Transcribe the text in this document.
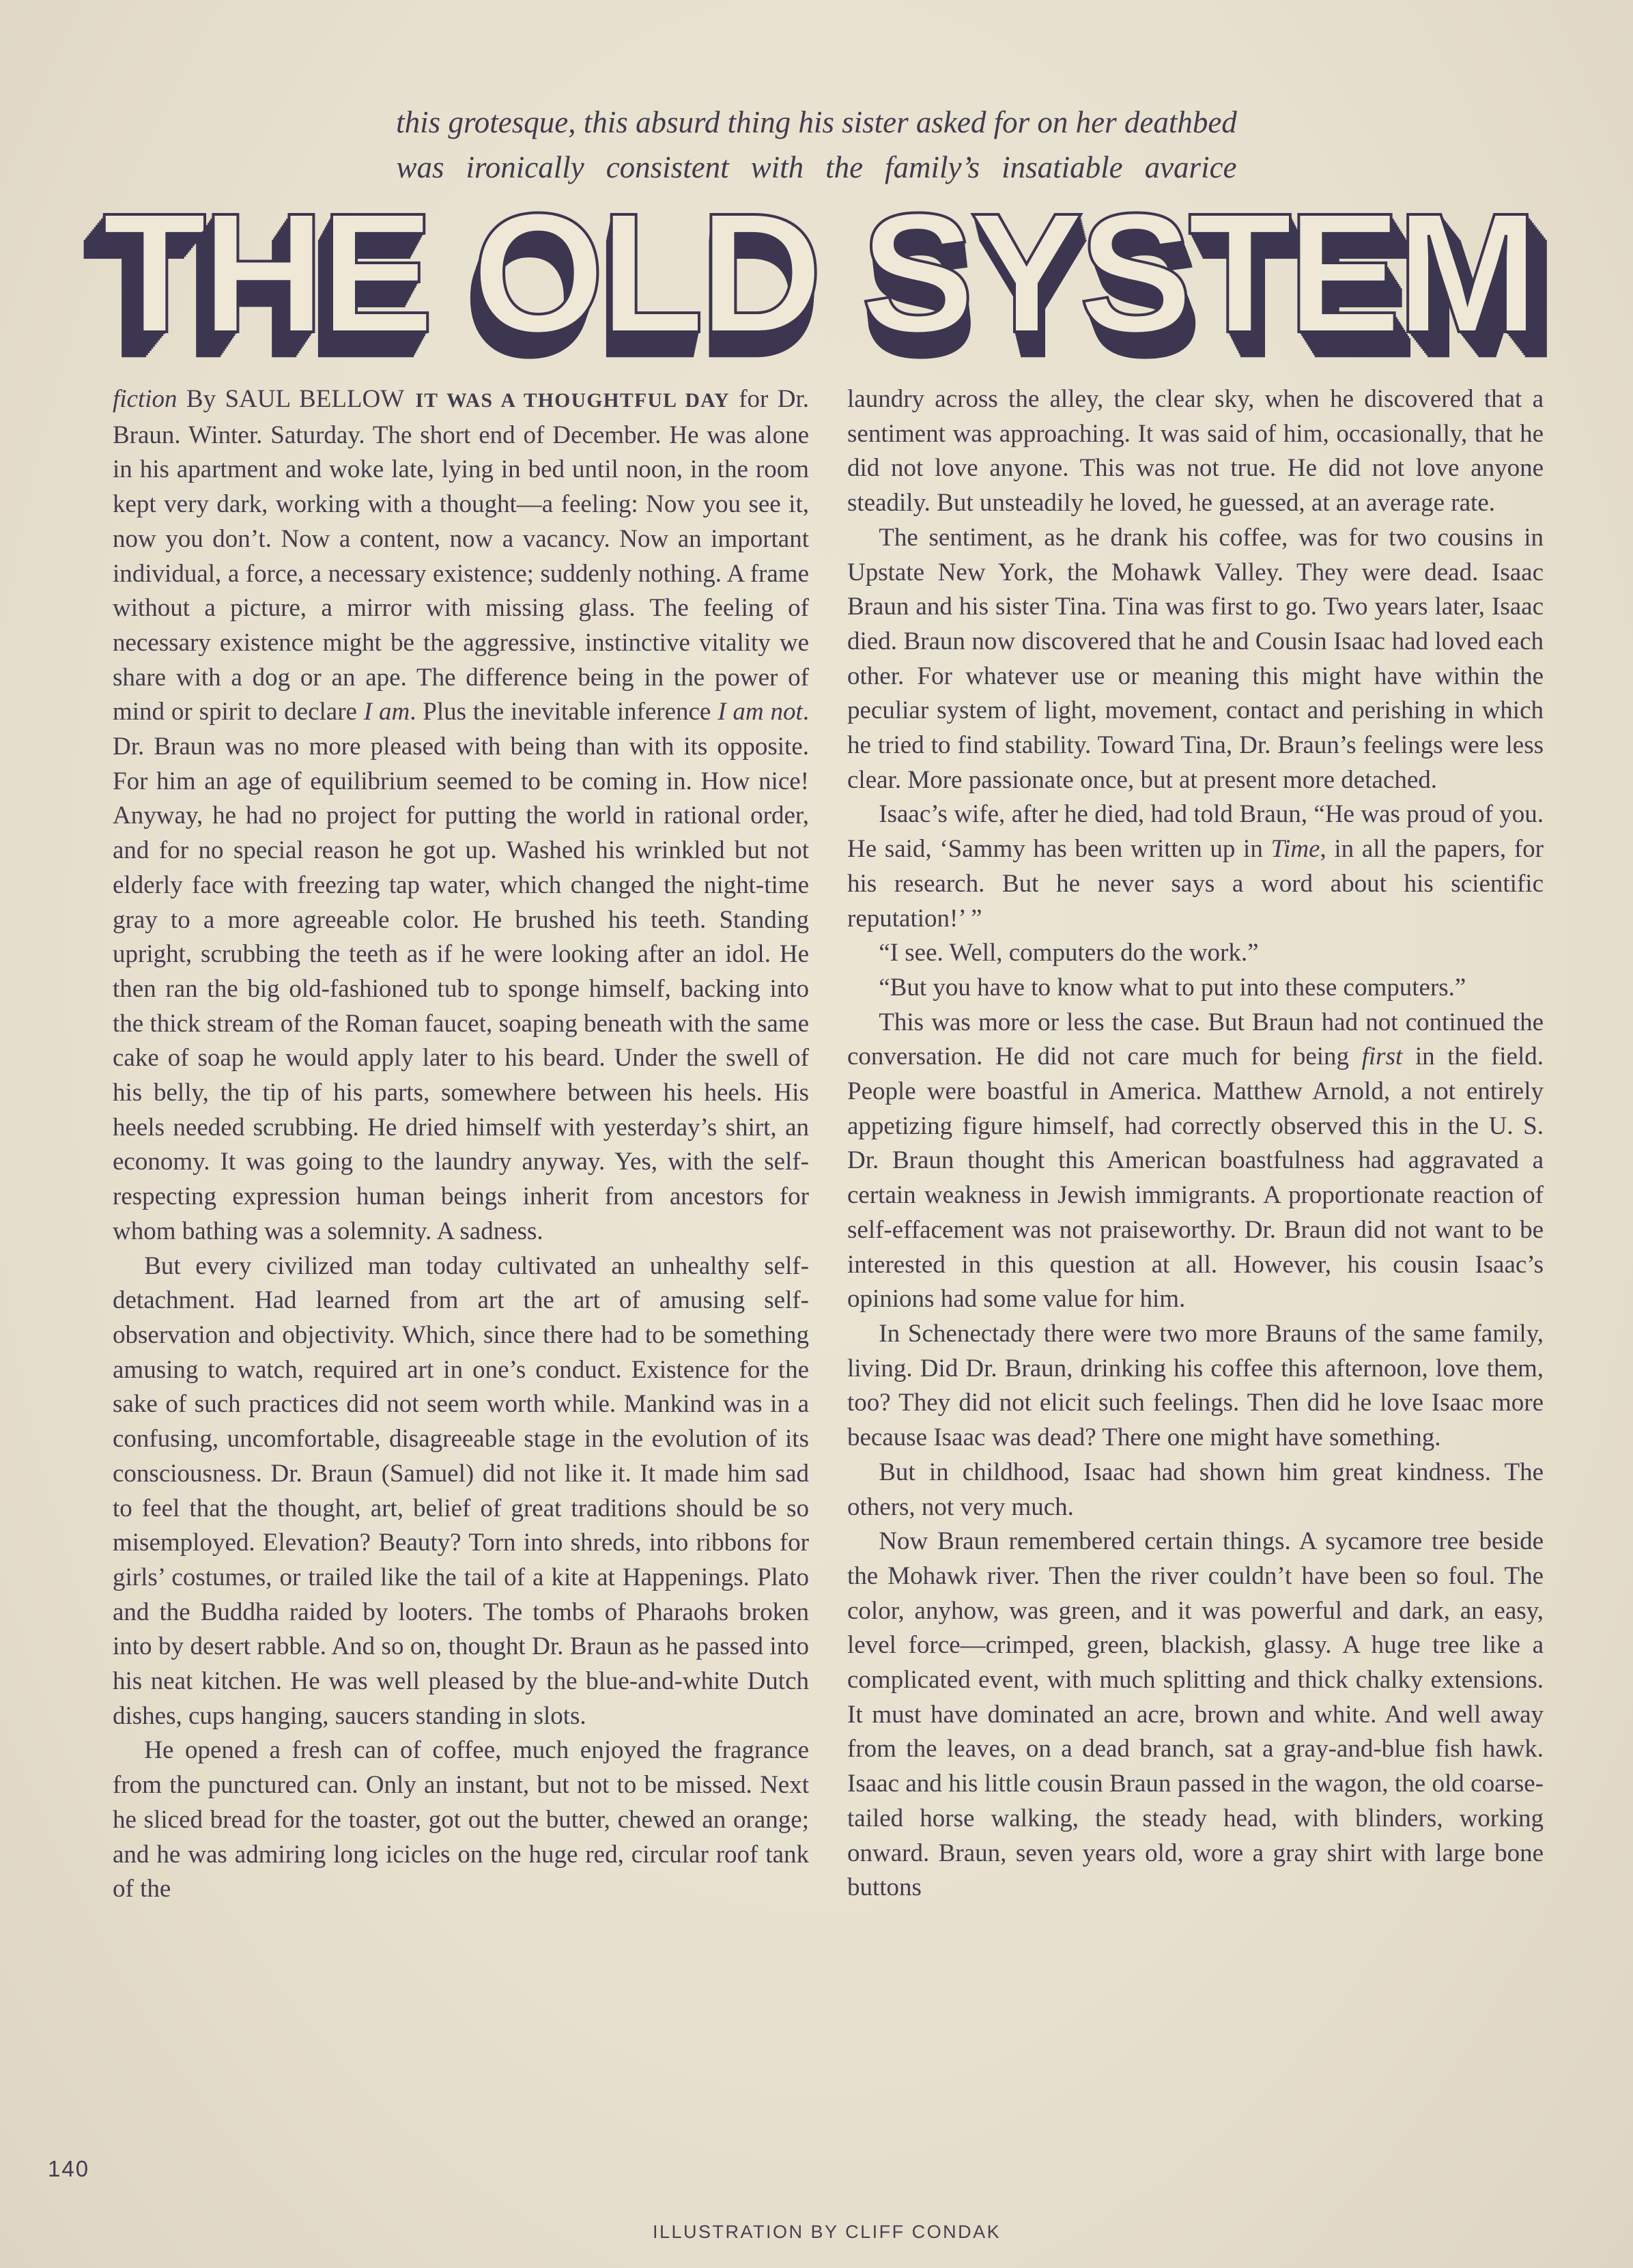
this grotesque, this absurd thing his sister asked for on her deathbed
was ironically consistent with the family’s insatiable avarice
THE OLD SYSTEM

fiction By SAUL BELLOW IT WAS A THOUGHTFUL DAY for Dr. Braun. Winter. Saturday. The short end of December. He was alone in his apartment and woke late, lying in bed until noon, in the room kept very dark, working with a thought—a feeling: Now you see it, now you don’t. Now a content, now a vacancy. Now an important individual, a force, a necessary existence; suddenly nothing. A frame without a picture, a mirror with missing glass. The feeling of necessary existence might be the aggressive, instinctive vitality we share with a dog or an ape. The difference being in the power of mind or spirit to declare I am. Plus the inevitable inference I am not. Dr. Braun was no more pleased with being than with its opposite. For him an age of equilibrium seemed to be coming in. How nice! Anyway, he had no project for putting the world in rational order, and for no special reason he got up. Washed his wrinkled but not elderly face with freezing tap water, which changed the night-time gray to a more agreeable color. He brushed his teeth. Standing upright, scrubbing the teeth as if he were looking after an idol. He then ran the big old-fashioned tub to sponge himself, backing into the thick stream of the Roman faucet, soaping beneath with the same cake of soap he would apply later to his beard. Under the swell of his belly, the tip of his parts, somewhere between his heels. His heels needed scrubbing. He dried himself with yesterday’s shirt, an economy. It was going to the laundry anyway. Yes, with the self-respecting expression human beings inherit from ancestors for whom bathing was a solemnity. A sadness.

But every civilized man today cultivated an unhealthy self-detachment. Had learned from art the art of amusing self-observation and objectivity. Which, since there had to be something amusing to watch, required art in one’s conduct. Existence for the sake of such practices did not seem worth while. Mankind was in a confusing, uncomfortable, disagreeable stage in the evolution of its consciousness. Dr. Braun (Samuel) did not like it. It made him sad to feel that the thought, art, belief of great traditions should be so misemployed. Elevation? Beauty? Torn into shreds, into ribbons for girls’ costumes, or trailed like the tail of a kite at Happenings. Plato and the Buddha raided by looters. The tombs of Pharaohs broken into by desert rabble. And so on, thought Dr. Braun as he passed into his neat kitchen. He was well pleased by the blue-and-white Dutch dishes, cups hanging, saucers standing in slots.

He opened a fresh can of coffee, much enjoyed the fragrance from the punctured can. Only an instant, but not to be missed. Next he sliced bread for the toaster, got out the butter, chewed an orange; and he was admiring long icicles on the huge red, circular roof tank of the

laundry across the alley, the clear sky, when he discovered that a sentiment was approaching. It was said of him, occasionally, that he did not love anyone. This was not true. He did not love anyone steadily. But unsteadily he loved, he guessed, at an average rate.

The sentiment, as he drank his coffee, was for two cousins in Upstate New York, the Mohawk Valley. They were dead. Isaac Braun and his sister Tina. Tina was first to go. Two years later, Isaac died. Braun now discovered that he and Cousin Isaac had loved each other. For whatever use or meaning this might have within the peculiar system of light, movement, contact and perishing in which he tried to find stability. Toward Tina, Dr. Braun’s feelings were less clear. More passionate once, but at present more detached.

Isaac’s wife, after he died, had told Braun, “He was proud of you. He said, ‘Sammy has been written up in Time, in all the papers, for his research. But he never says a word about his scientific reputation!’ ”

“I see. Well, computers do the work.”

“But you have to know what to put into these computers.”

This was more or less the case. But Braun had not continued the conversation. He did not care much for being first in the field. People were boastful in America. Matthew Arnold, a not entirely appetizing figure himself, had correctly observed this in the U. S. Dr. Braun thought this American boastfulness had aggravated a certain weakness in Jewish immigrants. A proportionate reaction of self-effacement was not praiseworthy. Dr. Braun did not want to be interested in this question at all. However, his cousin Isaac’s opinions had some value for him.

In Schenectady there were two more Brauns of the same family, living. Did Dr. Braun, drinking his coffee this afternoon, love them, too? They did not elicit such feelings. Then did he love Isaac more because Isaac was dead? There one might have something.

But in childhood, Isaac had shown him great kindness. The others, not very much.

Now Braun remembered certain things. A sycamore tree beside the Mohawk river. Then the river couldn’t have been so foul. The color, anyhow, was green, and it was powerful and dark, an easy, level force—crimped, green, blackish, glassy. A huge tree like a complicated event, with much splitting and thick chalky extensions. It must have dominated an acre, brown and white. And well away from the leaves, on a dead branch, sat a gray-and-blue fish hawk. Isaac and his little cousin Braun passed in the wagon, the old coarse-tailed horse walking, the steady head, with blinders, working onward. Braun, seven years old, wore a gray shirt with large bone buttons

140
ILLUSTRATION BY CLIFF CONDAK
